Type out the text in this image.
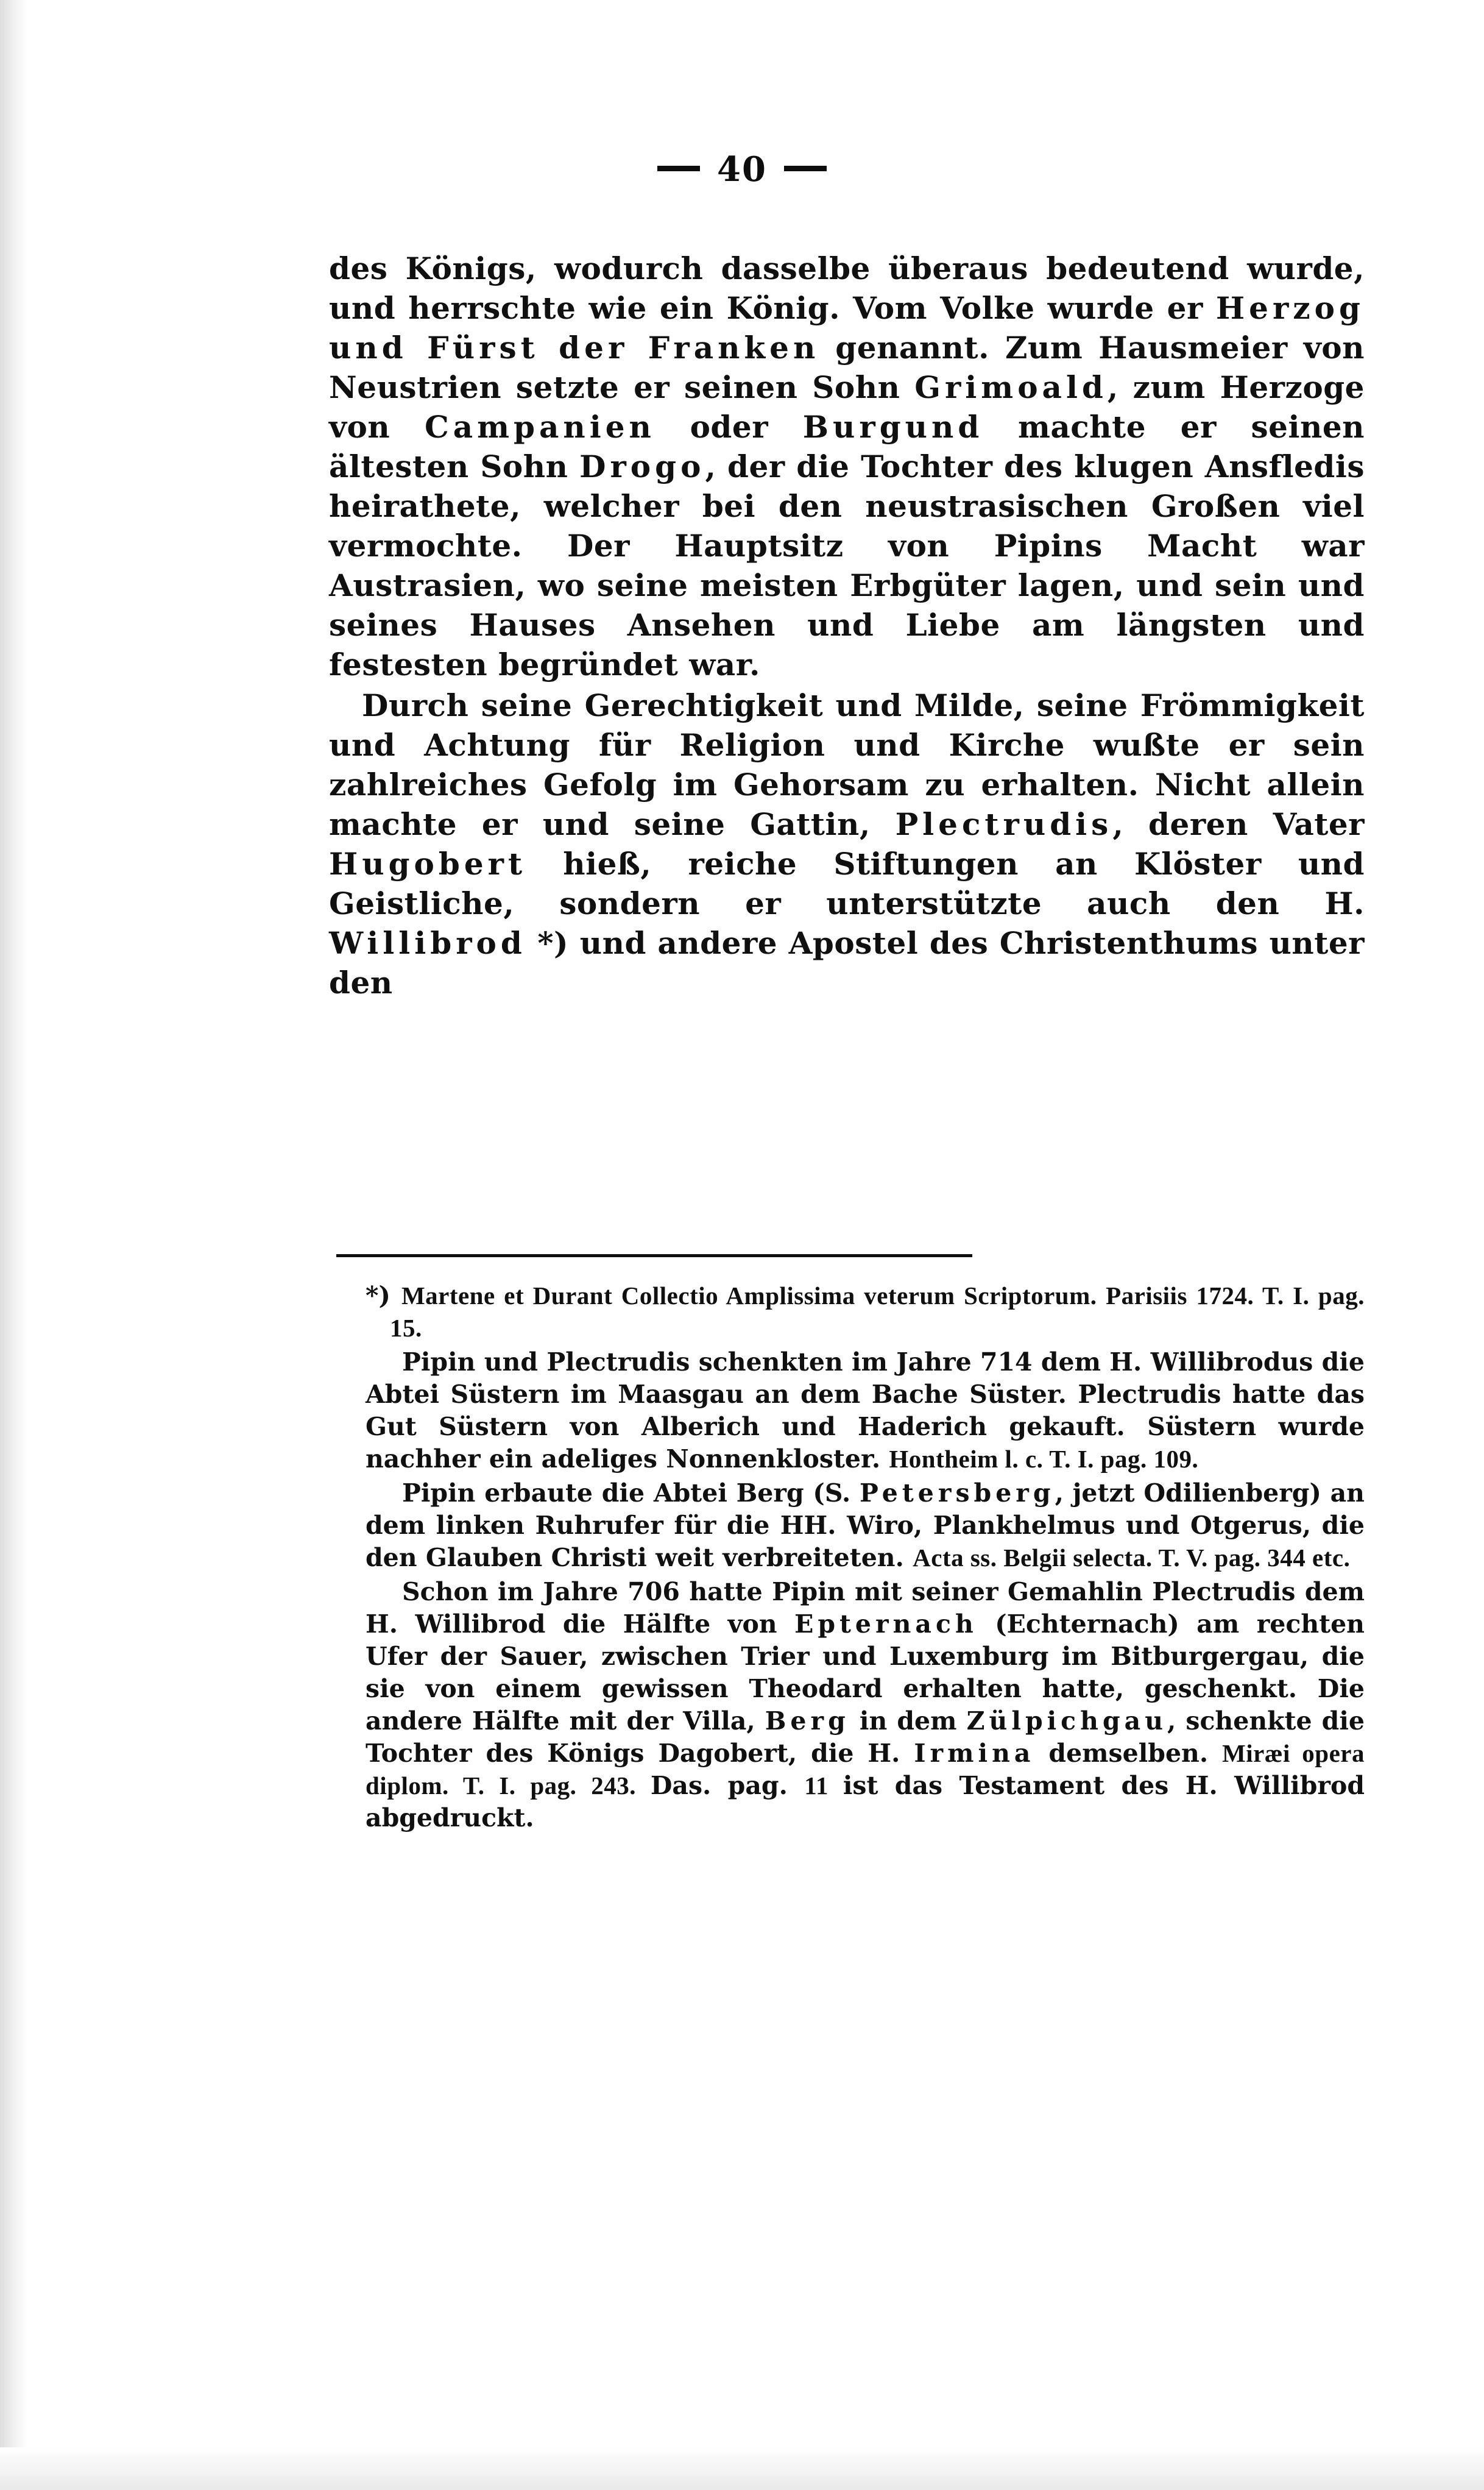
40

des Königs, wodurch dasselbe überaus bedeutend wurde, und herrschte wie ein König. Vom Volke wurde er Herzog und Fürst der Franken genannt. Zum Hausmeier von Neustrien setzte er seinen Sohn Grimoald, zum Herzoge von Campanien oder Burgund machte er seinen ältesten Sohn Drogo, der die Tochter des klugen Ansfledis heirathete, welcher bei den neustrasischen Großen viel vermochte. Der Hauptsitz von Pipins Macht war Austrasien, wo seine meisten Erbgüter lagen, und sein und seines Hauses Ansehen und Liebe am längsten und festesten begründet war.

Durch seine Gerechtigkeit und Milde, seine Frömmigkeit und Achtung für Religion und Kirche wußte er sein zahlreiches Gefolg im Gehorsam zu erhalten. Nicht allein machte er und seine Gattin, Plectrudis, deren Vater Hugobert hieß, reiche Stiftungen an Klöster und Geistliche, sondern er unterstützte auch den H. Willibrod *) und andere Apostel des Christenthums unter den

*) Martene et Durant Collectio Amplissima veterum Scriptorum. Parisiis 1724. T. I. pag. 15.

Pipin und Plectrudis schenkten im Jahre 714 dem H. Willibrodus die Abtei Süstern im Maasgau an dem Bache Süster. Plectrudis hatte das Gut Süstern von Alberich und Haderich gekauft. Süstern wurde nachher ein adeliges Nonnenkloster. Hontheim l. c. T. I. pag. 109.

Pipin erbaute die Abtei Berg (S. Petersberg, jetzt Odilienberg) an dem linken Ruhrufer für die HH. Wiro, Plankhelmus und Otgerus, die den Glauben Christi weit verbreiteten. Acta ss. Belgii selecta. T. V. pag. 344 etc.

Schon im Jahre 706 hatte Pipin mit seiner Gemahlin Plectrudis dem H. Willibrod die Hälfte von Epternach (Echternach) am rechten Ufer der Sauer, zwischen Trier und Luxemburg im Bitburgergau, die sie von einem gewissen Theodard erhalten hatte, geschenkt. Die andere Hälfte mit der Villa, Berg in dem Zülpichgau, schenkte die Tochter des Königs Dagobert, die H. Irmina demselben. Miræi opera diplom. T. I. pag. 243. Das. pag. 11 ist das Testament des H. Willibrod abgedruckt.
